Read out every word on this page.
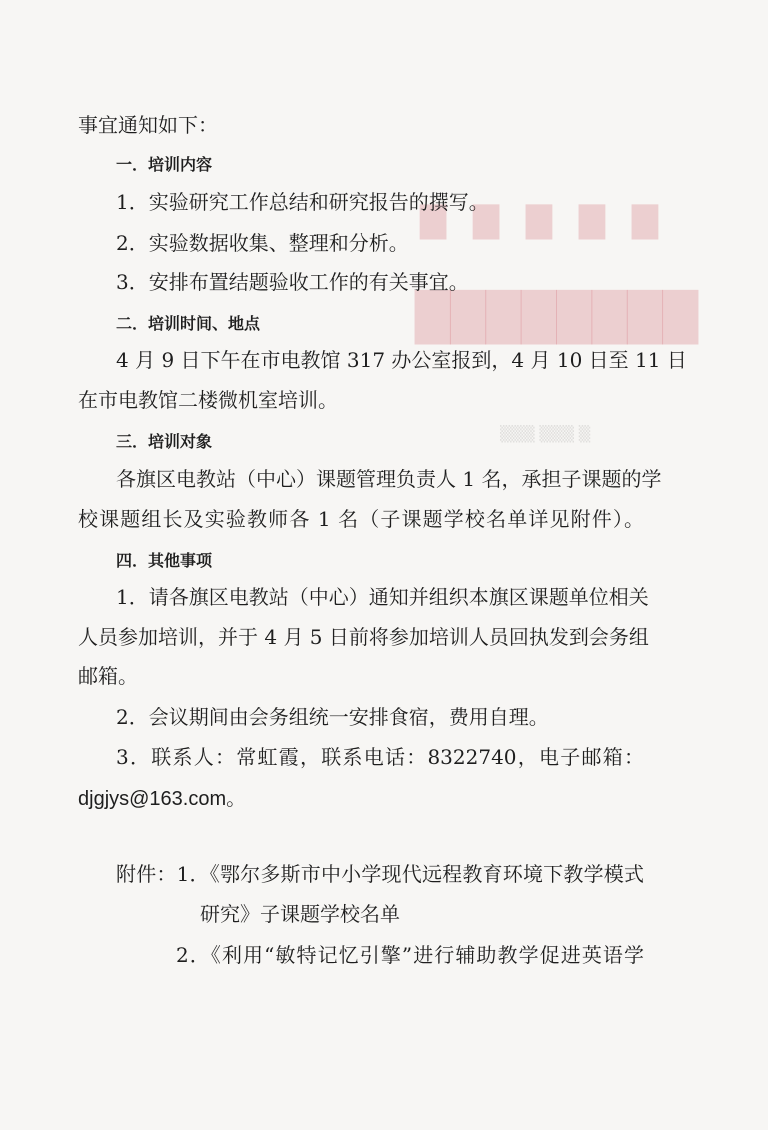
▇ ▇ ▇ ▇ ▇
████████
▒▒▒ ▒▒▒ ▒
事宜通知如下：
一．培训内容
1．实验研究工作总结和研究报告的撰写。
2．实验数据收集、整理和分析。
3．安排布置结题验收工作的有关事宜。
二．培训时间、地点
4 月 9 日下午在市电教馆 317 办公室报到，4 月 10 日至 11 日
在市电教馆二楼微机室培训。
三．培训对象
各旗区电教站（中心）课题管理负责人 1 名，承担子课题的学
校课题组长及实验教师各 1 名（子课题学校名单详见附件）。
四．其他事项
1．请各旗区电教站（中心）通知并组织本旗区课题单位相关
人员参加培训，并于 4 月 5 日前将参加培训人员回执发到会务组
邮箱。
2．会议期间由会务组统一安排食宿，费用自理。
3．联系人：常虹霞，联系电话：8322740，电子邮箱：
djgjys@163.com。
附件：1．《鄂尔多斯市中小学现代远程教育环境下教学模式
研究》子课题学校名单
2．《利用“敏特记忆引擎”进行辅助教学促进英语学
